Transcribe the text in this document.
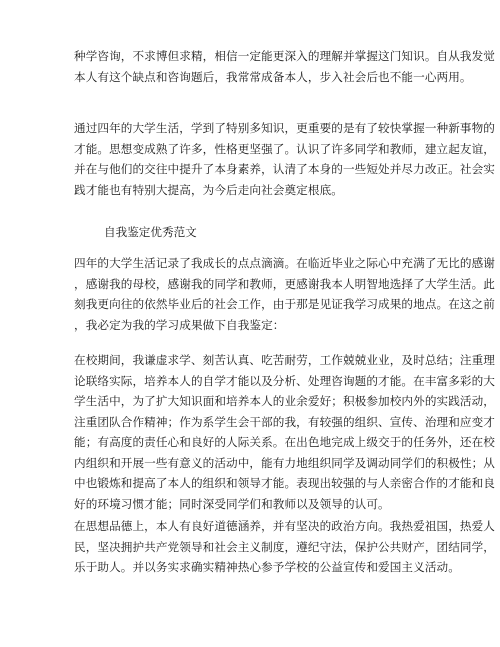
种学咨询，不求博但求精，相信一定能更深入的理解并掌握这门知识。自从我发觉
本人有这个缺点和咨询题后，我常常成备本人，步入社会后也不能一心两用。

通过四年的大学生活，学到了特别多知识，更重要的是有了较快掌握一种新事物的
才能。思想变成熟了许多，性格更坚强了。认识了许多同学和教师，建立起友谊，
并在与他们的交往中提升了本身素养，认清了本身的一些短处并尽力改正。社会实
践才能也有特别大提高，为今后走向社会奠定根底。

自我鉴定优秀范文

四年的大学生活记录了我成长的点点滴滴。在临近毕业之际心中充满了无比的感谢
，感谢我的母校，感谢我的同学和教师，更感谢我本人明智地选择了大学生活。此
刻我更向往的依然毕业后的社会工作，由于那是见证我学习成果的地点。在这之前
，我必定为我的学习成果做下自我鉴定：

在校期间，我谦虚求学、刻苦认真、吃苦耐劳，工作兢兢业业，及时总结；注重理
论联络实际，培养本人的自学才能以及分析、处理咨询题的才能。在丰富多彩的大
学生活中，为了扩大知识面和培养本人的业余爱好；积极参加校内外的实践活动，
注重团队合作精神；作为系学生会干部的我，有较强的组织、宣传、治理和应变才
能；有高度的责任心和良好的人际关系。在出色地完成上级交于的任务外，还在校
内组织和开展一些有意义的活动中，能有力地组织同学及调动同学们的积极性；从
中也锻炼和提高了本人的组织和领导才能。表现出较强的与人亲密合作的才能和良
好的环境习惯才能；同时深受同学们和教师以及领导的认可。

在思想品德上，本人有良好道德涵养，并有坚决的政治方向。我热爱祖国，热爱人
民，坚决拥护共产党领导和社会主义制度，遵纪守法，保护公共财产，团结同学，
乐于助人。并以务实求确实精神热心参予学校的公益宣传和爱国主义活动。
